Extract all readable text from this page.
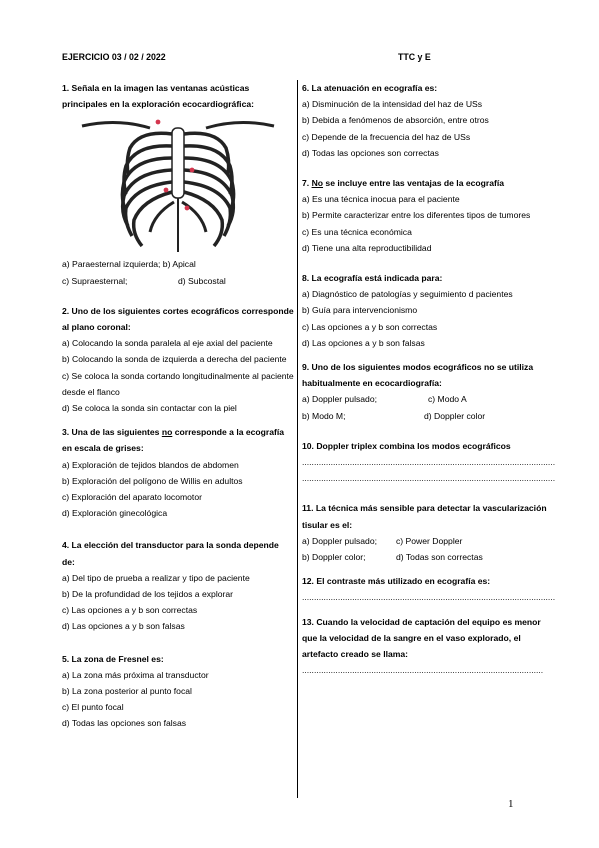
EJERCICIO 03 / 02 / 2022	TTC y E
1. Señala en la imagen las ventanas acústicas principales en la exploración ecocardiográfica:
a) Paraesternal izquierda; b) Apical
c) Supraesternal;	d) Subcostal
2. Uno de los siguientes cortes ecográficos corresponde al plano coronal:
a) Colocando la sonda paralela al eje axial del paciente
b) Colocando la sonda de izquierda a derecha del paciente
c) Se coloca la sonda cortando longitudinalmente al paciente desde el flanco
d) Se coloca la sonda sin contactar con la piel
3. Una de las siguientes no corresponde a la ecografía en escala de grises:
a) Exploración de tejidos blandos de abdomen
b) Exploración del polígono de Willis en adultos
c) Exploración del aparato locomotor
d) Exploración ginecológica
4. La elección del transductor para la sonda depende de:
a) Del tipo de prueba a realizar y tipo de paciente
b) De la profundidad de los tejidos a explorar
c) Las opciones a y b son correctas
d) Las opciones a y b son falsas
5. La zona de Fresnel es:
a) La zona más próxima al transductor
b) La zona posterior al punto focal
c) El punto focal
d) Todas las opciones son falsas
6. La atenuación en ecografía es:
a) Disminución de la intensidad del haz de USs
b) Debida a fenómenos de absorción, entre otros
c) Depende de la frecuencia del haz de USs
d) Todas las opciones son correctas
7. No se incluye entre las ventajas de la ecografía
a) Es una técnica inocua para el paciente
b) Permite caracterizar entre los diferentes tipos de tumores
c) Es una técnica económica
d) Tiene una alta reproductibilidad
8. La ecografía está indicada para:
a) Diagnóstico de patologías y seguimiento d pacientes
b) Guía para intervencionismo
c) Las opciones a y b son correctas
d) Las opciones a y b son falsas
9. Uno de los siguientes modos ecográficos no se utiliza habitualmente en ecocardiografía:
a) Doppler pulsado;	c) Modo A
b) Modo M;	d) Doppler color
10. Doppler triplex combina los modos ecográficos
..........................................................................................................
..........................................................................................................
11. La técnica más sensible para detectar la vascularización tisular es el:
a) Doppler pulsado;	c) Power Doppler
b) Doppler color;	d) Todas son correctas
12. El contraste más utilizado en ecografía es:
..........................................................................................................
13. Cuando la velocidad de captación del equipo es menor que la velocidad de la sangre en el vaso explorado, el artefacto creado se llama:
.....................................................................................................
1
